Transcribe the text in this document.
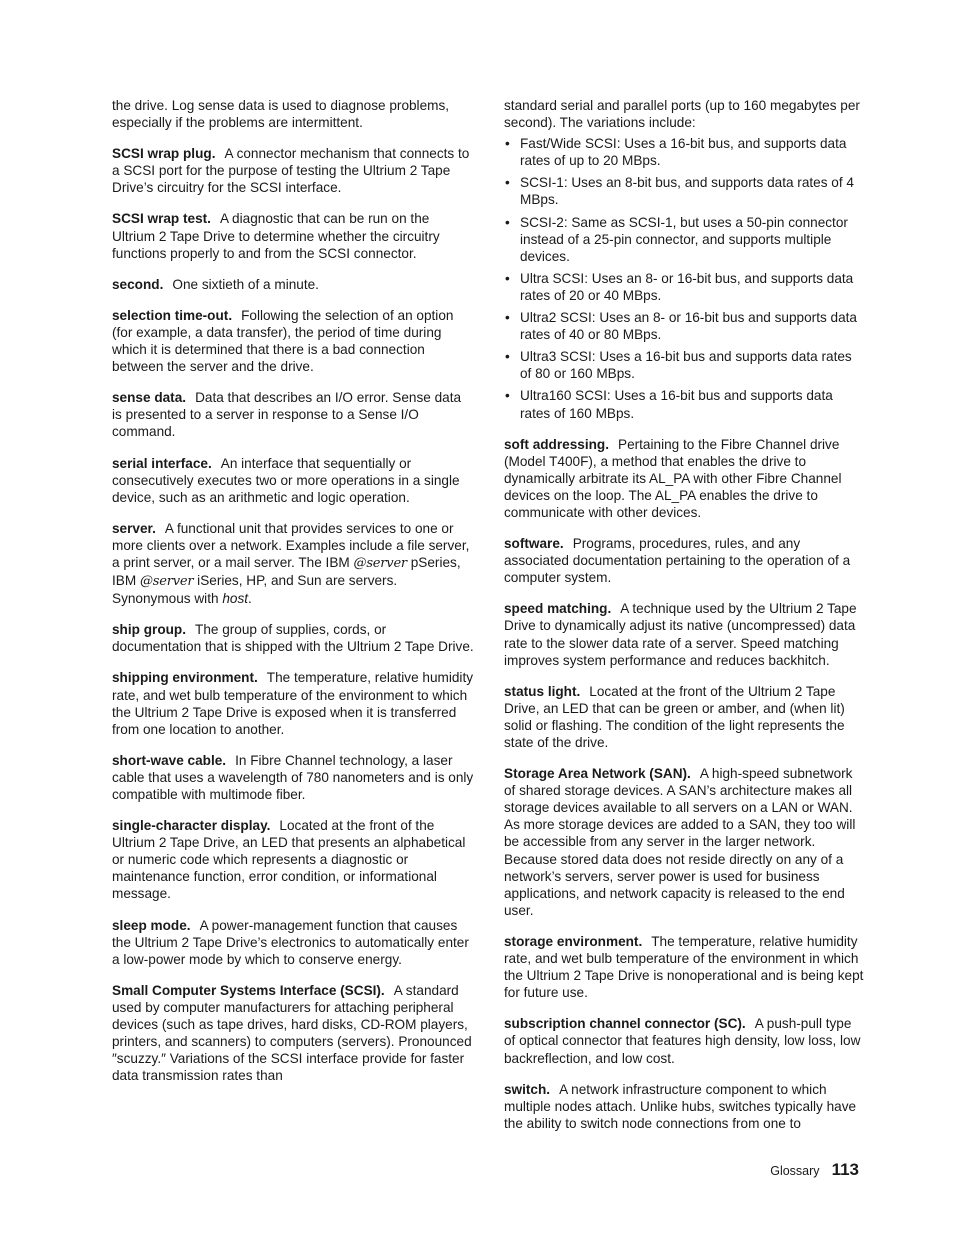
the drive. Log sense data is used to diagnose problems, especially if the problems are intermittent.

SCSI wrap plug. A connector mechanism that connects to a SCSI port for the purpose of testing the Ultrium 2 Tape Drive’s circuitry for the SCSI interface.

SCSI wrap test. A diagnostic that can be run on the Ultrium 2 Tape Drive to determine whether the circuitry functions properly to and from the SCSI connector.

second. One sixtieth of a minute.

selection time-out. Following the selection of an option (for example, a data transfer), the period of time during which it is determined that there is a bad connection between the server and the drive.

sense data. Data that describes an I/O error. Sense data is presented to a server in response to a Sense I/O command.

serial interface. An interface that sequentially or consecutively executes two or more operations in a single device, such as an arithmetic and logic operation.

server. A functional unit that provides services to one or more clients over a network. Examples include a file server, a print server, or a mail server. The IBM @server pSeries, IBM @server iSeries, HP, and Sun are servers. Synonymous with host.

ship group. The group of supplies, cords, or documentation that is shipped with the Ultrium 2 Tape Drive.

shipping environment. The temperature, relative humidity rate, and wet bulb temperature of the environment to which the Ultrium 2 Tape Drive is exposed when it is transferred from one location to another.

short-wave cable. In Fibre Channel technology, a laser cable that uses a wavelength of 780 nanometers and is only compatible with multimode fiber.

single-character display. Located at the front of the Ultrium 2 Tape Drive, an LED that presents an alphabetical or numeric code which represents a diagnostic or maintenance function, error condition, or informational message.

sleep mode. A power-management function that causes the Ultrium 2 Tape Drive’s electronics to automatically enter a low-power mode by which to conserve energy.

Small Computer Systems Interface (SCSI). A standard used by computer manufacturers for attaching peripheral devices (such as tape drives, hard disks, CD-ROM players, printers, and scanners) to computers (servers). Pronounced ″scuzzy.″ Variations of the SCSI interface provide for faster data transmission rates than

standard serial and parallel ports (up to 160 megabytes per second). The variations include:

• Fast/Wide SCSI: Uses a 16-bit bus, and supports data rates of up to 20 MBps.
• SCSI-1: Uses an 8-bit bus, and supports data rates of 4 MBps.
• SCSI-2: Same as SCSI-1, but uses a 50-pin connector instead of a 25-pin connector, and supports multiple devices.
• Ultra SCSI: Uses an 8- or 16-bit bus, and supports data rates of 20 or 40 MBps.
• Ultra2 SCSI: Uses an 8- or 16-bit bus and supports data rates of 40 or 80 MBps.
• Ultra3 SCSI: Uses a 16-bit bus and supports data rates of 80 or 160 MBps.
• Ultra160 SCSI: Uses a 16-bit bus and supports data rates of 160 MBps.

soft addressing. Pertaining to the Fibre Channel drive (Model T400F), a method that enables the drive to dynamically arbitrate its AL_PA with other Fibre Channel devices on the loop. The AL_PA enables the drive to communicate with other devices.

software. Programs, procedures, rules, and any associated documentation pertaining to the operation of a computer system.

speed matching. A technique used by the Ultrium 2 Tape Drive to dynamically adjust its native (uncompressed) data rate to the slower data rate of a server. Speed matching improves system performance and reduces backhitch.

status light. Located at the front of the Ultrium 2 Tape Drive, an LED that can be green or amber, and (when lit) solid or flashing. The condition of the light represents the state of the drive.

Storage Area Network (SAN). A high-speed subnetwork of shared storage devices. A SAN’s architecture makes all storage devices available to all servers on a LAN or WAN. As more storage devices are added to a SAN, they too will be accessible from any server in the larger network. Because stored data does not reside directly on any of a network’s servers, server power is used for business applications, and network capacity is released to the end user.

storage environment. The temperature, relative humidity rate, and wet bulb temperature of the environment in which the Ultrium 2 Tape Drive is nonoperational and is being kept for future use.

subscription channel connector (SC). A push-pull type of optical connector that features high density, low loss, low backreflection, and low cost.

switch. A network infrastructure component to which multiple nodes attach. Unlike hubs, switches typically have the ability to switch node connections from one to

Glossary 113
